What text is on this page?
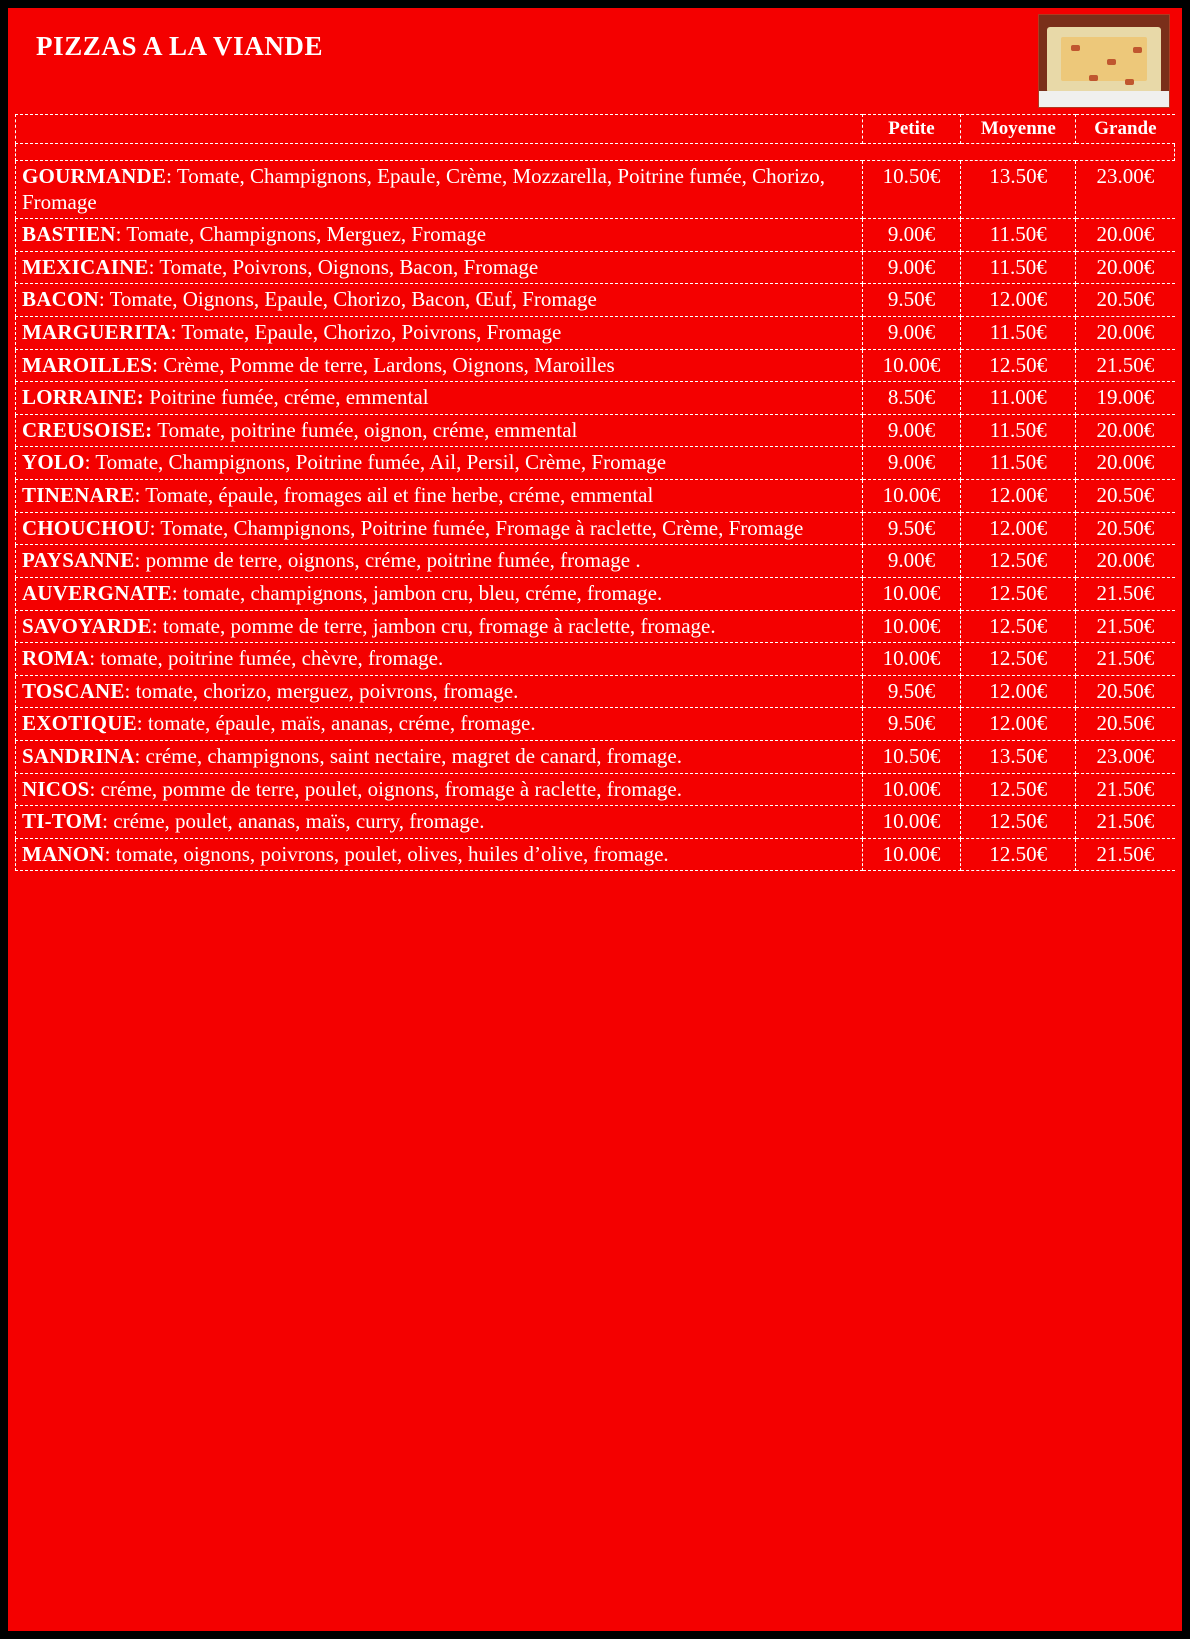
PIZZAS A LA VIANDE
	Petite	Moyenne	Grande

GOURMANDE: Tomate, Champignons, Epaule, Crème, Mozzarella, Poitrine fumée, Chorizo, Fromage	10.50€	13.50€	23.00€
BASTIEN: Tomate, Champignons, Merguez, Fromage	9.00€	11.50€	20.00€
MEXICAINE: Tomate, Poivrons, Oignons, Bacon, Fromage	9.00€	11.50€	20.00€
BACON: Tomate, Oignons, Epaule, Chorizo, Bacon, Œuf, Fromage	9.50€	12.00€	20.50€
MARGUERITA: Tomate, Epaule, Chorizo, Poivrons, Fromage	9.00€	11.50€	20.00€
MAROILLES: Crème, Pomme de terre, Lardons, Oignons, Maroilles	10.00€	12.50€	21.50€
LORRAINE: Poitrine fumée, créme, emmental	8.50€	11.00€	19.00€
CREUSOISE: Tomate, poitrine fumée, oignon, créme, emmental	9.00€	11.50€	20.00€
YOLO: Tomate, Champignons, Poitrine fumée, Ail, Persil, Crème, Fromage	9.00€	11.50€	20.00€
TINENARE: Tomate, épaule, fromages ail et fine herbe, créme, emmental	10.00€	12.00€	20.50€
CHOUCHOU: Tomate, Champignons, Poitrine fumée, Fromage à raclette, Crème, Fromage	9.50€	12.00€	20.50€
PAYSANNE: pomme de terre, oignons, créme, poitrine fumée, fromage .	9.00€	12.50€	20.00€
AUVERGNATE: tomate, champignons, jambon cru, bleu, créme, fromage.	10.00€	12.50€	21.50€
SAVOYARDE: tomate, pomme de terre, jambon cru, fromage à raclette, fromage.	10.00€	12.50€	21.50€
ROMA: tomate, poitrine fumée, chèvre, fromage.	10.00€	12.50€	21.50€
TOSCANE: tomate, chorizo, merguez, poivrons, fromage.	9.50€	12.00€	20.50€
EXOTIQUE: tomate, épaule, maïs, ananas, créme, fromage.	9.50€	12.00€	20.50€
SANDRINA: créme, champignons, saint nectaire, magret de canard, fromage.	10.50€	13.50€	23.00€
NICOS: créme, pomme de terre, poulet, oignons, fromage à raclette, fromage.	10.00€	12.50€	21.50€
TI-TOM: créme, poulet, ananas, maïs, curry, fromage.	10.00€	12.50€	21.50€
MANON: tomate, oignons, poivrons, poulet, olives, huiles d’olive, fromage.	10.00€	12.50€	21.50€
